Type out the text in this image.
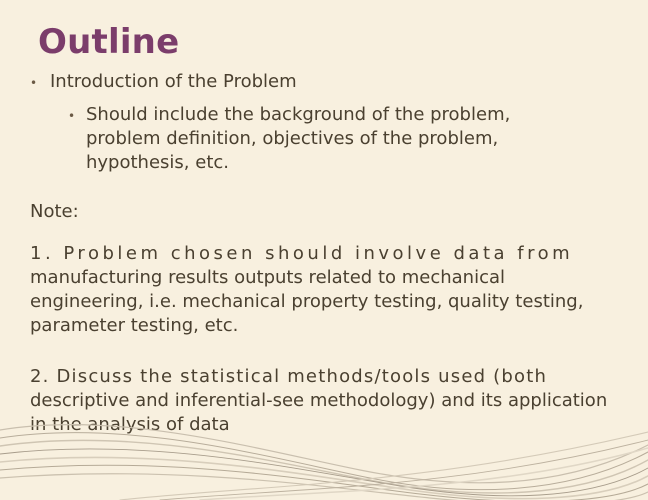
Outline
• Introduction of the Problem
• Should include the background of the problem, problem definition, objectives of the problem, hypothesis, etc.
Note:
1. Problem chosen should involve data from manufacturing results outputs related to mechanical engineering, i.e. mechanical property testing, quality testing, parameter testing, etc.
2. Discuss the statistical methods/tools used (both descriptive and inferential-see methodology) and its application in the analysis of data
